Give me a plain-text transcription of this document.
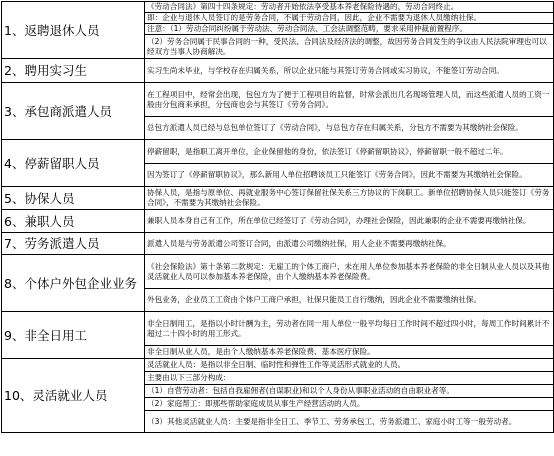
1、返聘退休人员	《劳动合同法》第四十四条规定：劳动者开始依法享受基本养老保险待遇的，劳动合同终止。
	即：企业与退休人员签订的是劳务合同，不属于劳动合同，因此，企业不需要为退休人员缴纳社保。
	注意：（1）劳动合同纠纷属于劳动法、劳动合同法、工会法调整范畴，要求采用仲裁前置程序。
	（2）劳务合同属于民事合同的一种，受民法、合同法及经济法的调整，故因劳务合同发生的争议由人民法院审理也可以经双方当事人协商解决。
2、聘用实习生	实习生尚未毕业，与学校存在归属关系，所以企业只能与其签订劳务合同或实习协议，不能签订劳动合同。
3、承包商派遣人员	在工程项目中，经常会出现，包包方为了便于工程项目的监督，时常会派出几名现场管理人员，而这些派遣人员的工资一般由分包商来承担，分包商也会与其签订《劳务合同》。
	总包方派遣人员已经与总包单位签订了《劳动合同》，与总包方存在归属关系，分包方不需要为其缴纳社会保险。
4、停薪留职人员	停薪留职，是指职工离开单位，企业保留他的身份，依法签订《停薪留职协议》，停薪留职一般不超过二年。
	因为签订了《停薪留职协议》，那么新用人单位招聘该员工只能签订《劳务合同》，因此不需要为其缴纳社会保险。
5、协保人员	协保人员，是指与原单位、再就业服务中心签订保留社保关系三方协议的下岗职工。新单位招聘协保人员只能签订《劳务合同》，不需要为其缴纳社会保险。
6、兼职人员	兼职人员本身自己有工作，所在单位已经签订了《劳动合同》，办理社会保险，因此兼职的企业不需要再缴纳社保。
7、劳务派遣人员	派遣人员是与劳务派遣公司签订合同，由派遣公司缴纳社保，用人企业不需要再缴纳社保。
8、个体户外包企业业务	《社会保险法》第十条第二款规定：无雇工的个体工商户、未在用人单位参加基本养老保险的非全日制从业人员以及其他灵活就业人员可以参加基本养老保险，由个人缴纳基本养老保险费。
	外包业务，企业员工工资由个体户工商户承担，社保只能员工自行缴纳，因此企业不需要缴纳社保。
9、非全日用工	非全日制用工，是指以小时计酬为主，劳动者在同一用人单位一般平均每日工作时间不超过四小时，每周工作时间累计不超过二十四小时的用工形式。
	非全日制从业人员，是由个人缴纳基本养老保险费、基本医疗保险。
10、灵活就业人员	灵活就业人员：是指以非全日制、临时性和弹性工作等灵活形式就业的人员。
	主要由以下三部分构成：
	（1）自营劳动者：包括自我雇佣者(自谋职业)和以个人身份从事职业活动的自由职业者等。
	（2）家庭帮工：即那些帮助家庭成员从事生产经营活动的人员。
	（3）其他灵活就业人员：主要是指非全日工、季节工、劳务承包工、劳务派遣工、家庭小时工等一般劳动者。
